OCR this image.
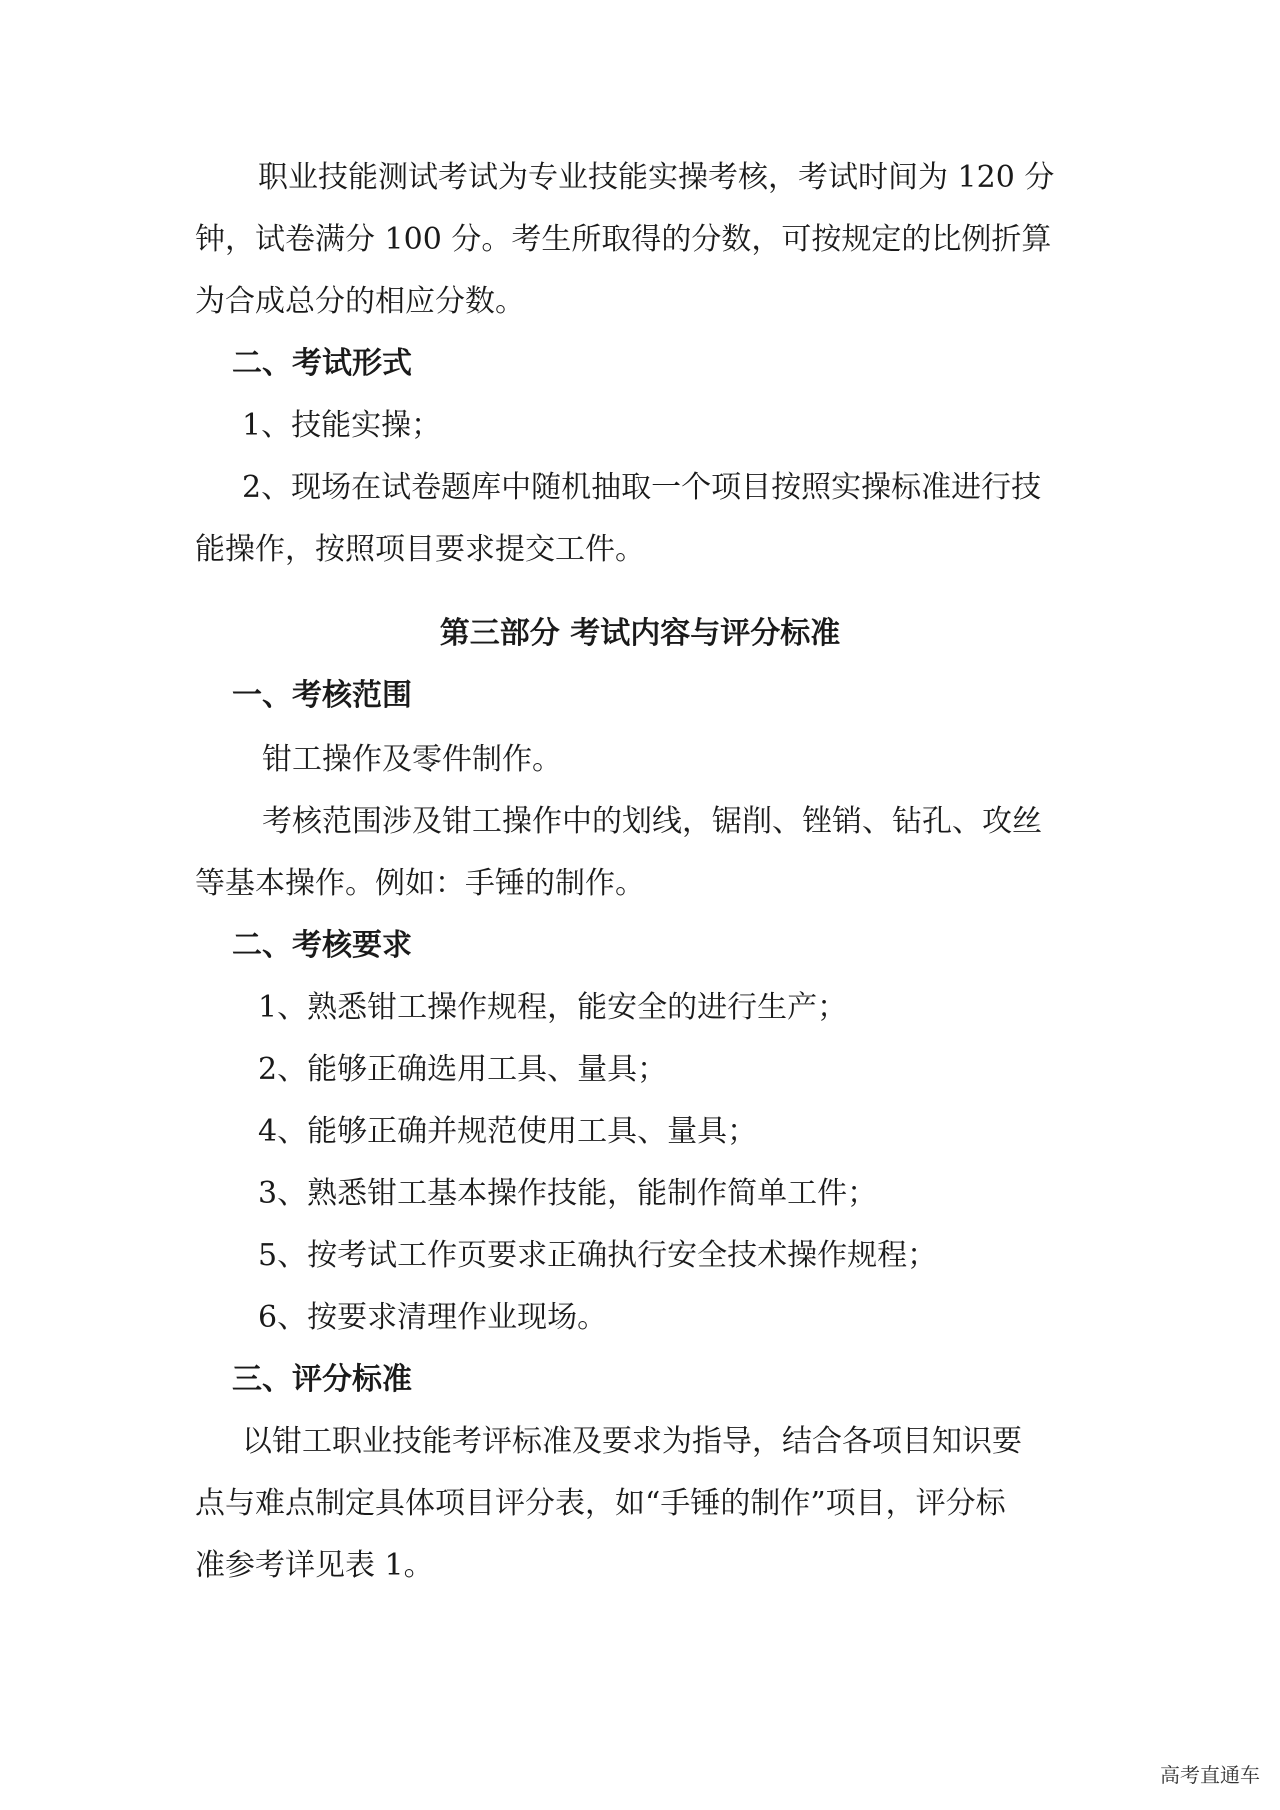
职业技能测试考试为专业技能实操考核，考试时间为 120 分
钟，试卷满分 100 分。考生所取得的分数，可按规定的比例折算
为合成总分的相应分数。
二、考试形式
1、技能实操；
2、现场在试卷题库中随机抽取一个项目按照实操标准进行技
能操作，按照项目要求提交工件。
第三部分 考试内容与评分标准
一、考核范围
钳工操作及零件制作。
考核范围涉及钳工操作中的划线，锯削、锉销、钻孔、攻丝
等基本操作。例如：手锤的制作。
二、考核要求
1、熟悉钳工操作规程，能安全的进行生产；
2、能够正确选用工具、量具；
4、能够正确并规范使用工具、量具；
3、熟悉钳工基本操作技能，能制作简单工件；
5、按考试工作页要求正确执行安全技术操作规程；
6、按要求清理作业现场。
三、评分标准
以钳工职业技能考评标准及要求为指导，结合各项目知识要
点与难点制定具体项目评分表，如“手锤的制作”项目，评分标
准参考详见表 1。
高考直通车
